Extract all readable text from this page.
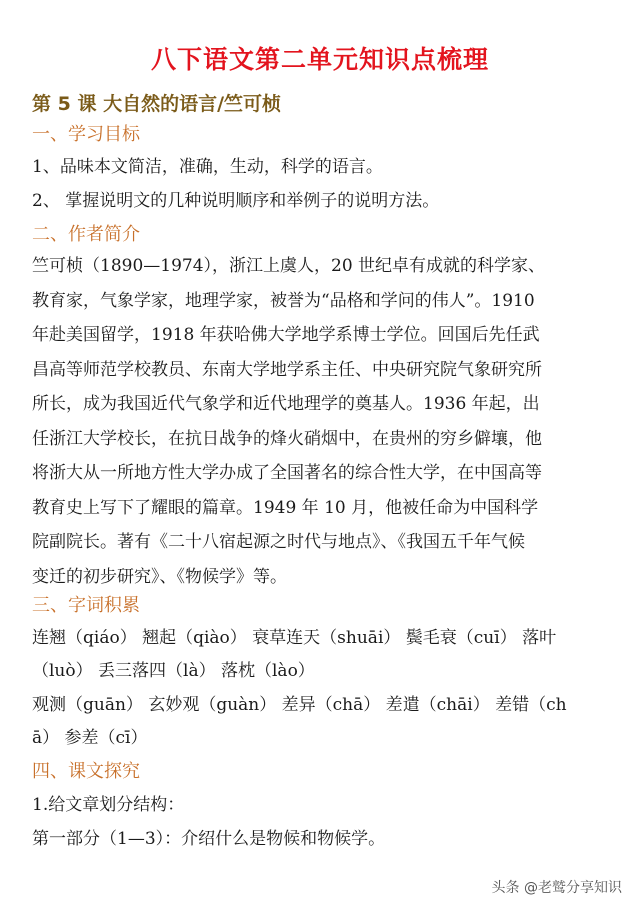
八下语文第二单元知识点梳理
第 5 课 大自然的语言/竺可桢
一、学习目标
1、品味本文简洁，准确，生动，科学的语言。
2、 掌握说明文的几种说明顺序和举例子的说明方法。
二、作者简介
竺可桢（1890—1974），浙江上虞人，20 世纪卓有成就的科学家、
教育家，气象学家，地理学家，被誉为“品格和学问的伟人”。1910
年赴美国留学，1918 年获哈佛大学地学系博士学位。回国后先任武
昌高等师范学校教员、东南大学地学系主任、中央研究院气象研究所
所长，成为我国近代气象学和近代地理学的奠基人。1936 年起，出
任浙江大学校长，在抗日战争的烽火硝烟中，在贵州的穷乡僻壤，他
将浙大从一所地方性大学办成了全国著名的综合性大学，在中国高等
教育史上写下了耀眼的篇章。1949 年 10 月，他被任命为中国科学
院副院长。著有《二十八宿起源之时代与地点》、《我国五千年气候
变迁的初步研究》、《物候学》等。
三、字词积累
连翘（qiáo） 翘起（qiào） 衰草连天（shuāi） 鬓毛衰（cuī） 落叶
（luò） 丢三落四（là） 落枕（lào）
观测（guān） 玄妙观（guàn） 差异（chā） 差遣（chāi） 差错（ch
ā） 参差（cī）
四、课文探究
1.给文章划分结构：
第一部分（1—3）：介绍什么是物候和物候学。
头条 @老鹫分享知识
